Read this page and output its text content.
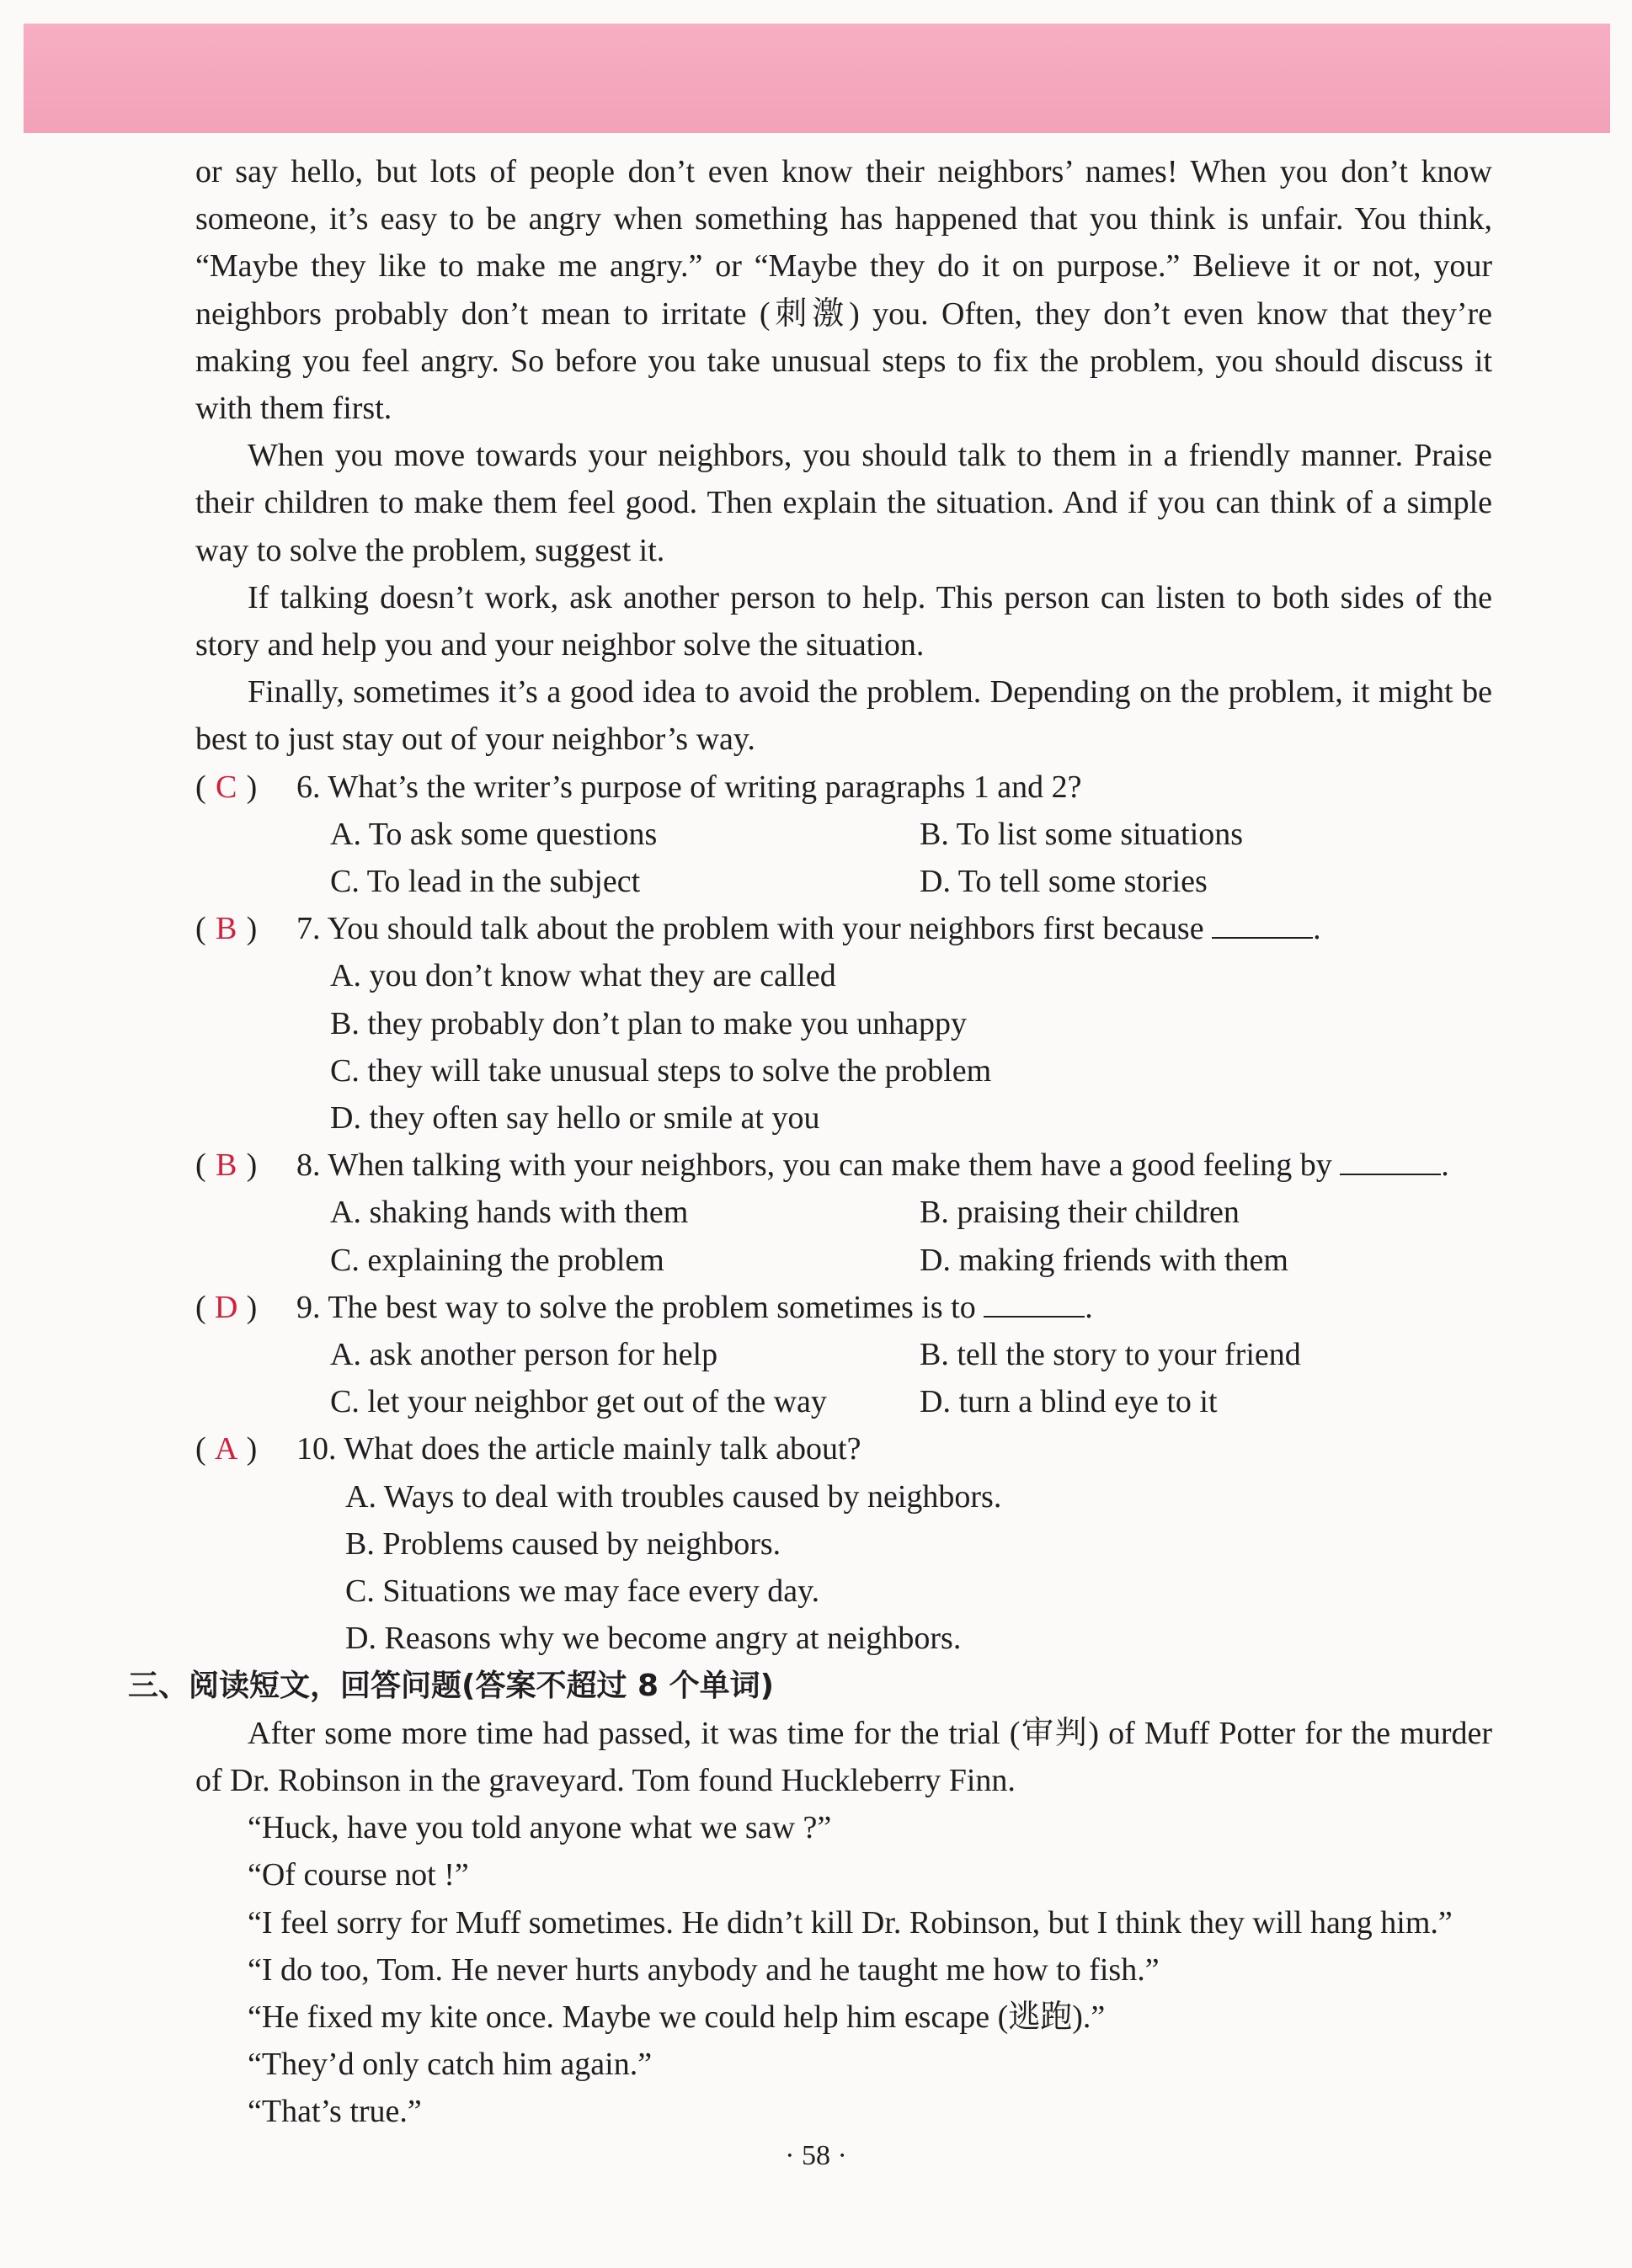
or say hello, but lots of people don’t even know their neighbors’ names! When you don’t know someone, it’s easy to be angry when something has happened that you think is unfair. You think, “Maybe they like to make me angry.” or “Maybe they do it on purpose.” Believe it or not, your neighbors probably don’t mean to irritate (刺激) you. Often, they don’t even know that they’re making you feel angry. So before you take unusual steps to fix the problem, you should discuss it with them first.

When you move towards your neighbors, you should talk to them in a friendly manner. Praise their children to make them feel good. Then explain the situation. And if you can think of a simple way to solve the problem, suggest it.

If talking doesn’t work, ask another person to help. This person can listen to both sides of the story and help you and your neighbor solve the situation.

Finally, sometimes it’s a good idea to avoid the problem. Depending on the problem, it might be best to just stay out of your neighbor’s way.

( C )	6. What’s the writer’s purpose of writing paragraphs 1 and 2?

A. To ask some questions	B. To list some situations
C. To lead in the subject	D. To tell some stories

( B )	7. You should talk about the problem with your neighbors first because	.

A. you don’t know what they are called

B. they probably don’t plan to make you unhappy

C. they will take unusual steps to solve the problem

D. they often say hello or smile at you

( B )	8. When talking with your neighbors, you can make them have a good feeling by	.

A. shaking hands with them	B. praising their children
C. explaining the problem	D. making friends with them

( D )	9. The best way to solve the problem sometimes is to	.

A. ask another person for help	B. tell the story to your friend
C. let your neighbor get out of the way	D. turn a blind eye to it

( A )	10. What does the article mainly talk about?

A. Ways to deal with troubles caused by neighbors.

B. Problems caused by neighbors.

C. Situations we may face every day.

D. Reasons why we become angry at neighbors.

三、阅读短文，回答问题(答案不超过 8 个单词)

After some more time had passed, it was time for the trial (审判) of Muff Potter for the murder of Dr. Robinson in the graveyard. Tom found Huckleberry Finn.

“Huck, have you told anyone what we saw ?”

“Of course not !”

“I feel sorry for Muff sometimes. He didn’t kill Dr. Robinson, but I think they will hang him.”

“I do too, Tom. He never hurts anybody and he taught me how to fish.”

“He fixed my kite once. Maybe we could help him escape (逃跑).”

“They’d only catch him again.”

“That’s true.”

· 58 ·
